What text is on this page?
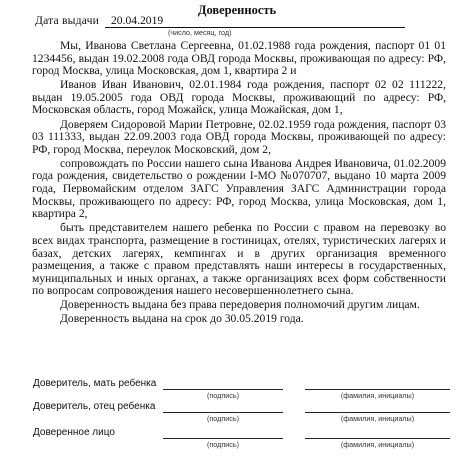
Доверенность
Дата выдачи	20.04.2019
(число, месяц, год)

Мы, Иванова Светлана Сергеевна, 01.02.1988 года рождения, паспорт 01 01 1234456, выдан 19.02.2008 года ОВД города Москвы, проживающая по адресу: РФ, город Москва, улица Московская, дом 1, квартира 2 и

Иванов Иван Иванович, 02.01.1984 года рождения, паспорт 02 02 111222, выдан 19.05.2005 года ОВД города Москвы, проживающий по адресу: РФ, Московская область, город Можайск, улица Можайская, дом 1,

Доверяем Сидоровой Марии Петровне, 02.02.1959 года рождения, паспорт 03 03 111333, выдан 22.09.2003 года ОВД города Москвы, проживающей по адресу: РФ, город Москва, переулок Московский, дом 2,

сопровождать по России нашего сына Иванова Андрея Ивановича, 01.02.2009 года рождения, свидетельство о рождении I-МО №070707, выдано 10 марта 2009 года, Первомайским отделом ЗАГС Управления ЗАГС Администрации города Москвы, проживающего по адресу: РФ, город Москва, улица Московская, дом 1, квартира 2,

быть представителем нашего ребенка по России с правом на перевозку во всех видах транспорта, размещение в гостиницах, отелях, туристических лагерях и базах, детских лагерях, кемпингах и в других организация временного размещения, а также с правом представлять наши интересы в государственных, муниципальных и иных органах, а также организациях всех форм собственности по вопросам сопровождения нашего несовершеннолетнего сына.

Доверенность выдана без права передоверия полномочий другим лицам.

Доверенность выдана на срок до 30.05.2019 года.

Доверитель, мать ребенка
(подпись)	(фамилия, инициалы)
Доверитель, отец ребенка
(подпись)	(фамилия, инициалы)
Доверенное лицо
(подпись)	(фамилия, инициалы)
